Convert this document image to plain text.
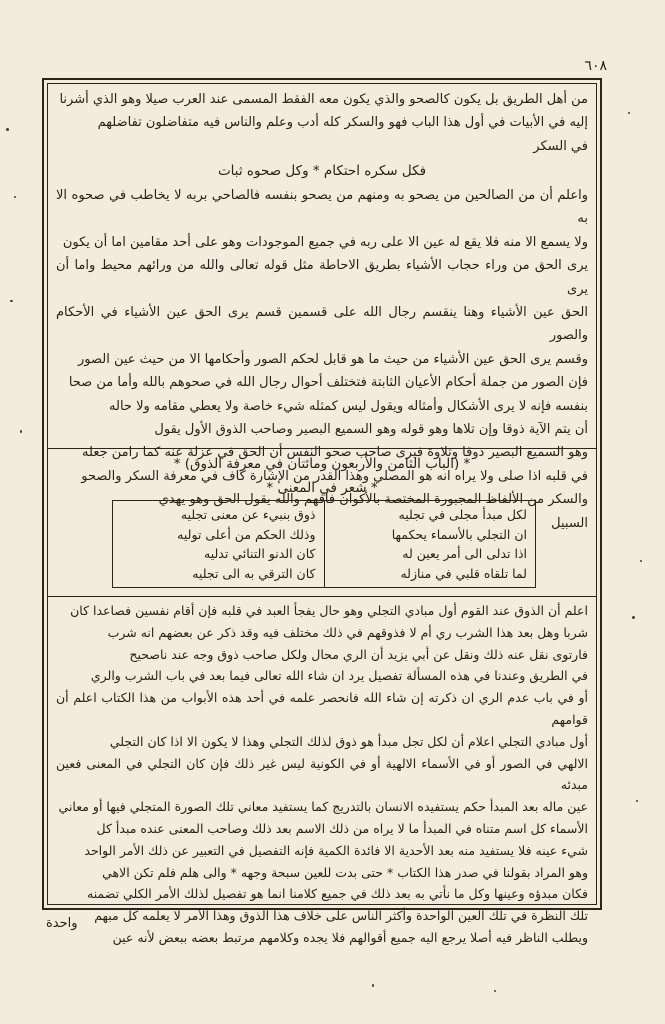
٦٠٨

من أهل الطريق بل يكون كالصحو والذي يكون معه الفقط المسمى عند العرب صيلا وهو الذي أشرنا

إليه في الأبيات في أول هذا الباب فهو والسكر كله أدب وعلم والناس فيه متفاضلون تفاضلهم

في السكر

فكل سكره احتكام * وكل صحوه ثبات

واعلم أن من الصالحين من يصحو به ومنهم من يصحو بنفسه فالصاحي بربه لا يخاطب في صحوه الا به

ولا يسمع الا منه فلا يقع له عين الا على ربه في جميع الموجودات وهو على أحد مقامين اما أن يكون

يرى الحق من وراء حجاب الأشياء بطريق الاحاطة مثل قوله تعالى والله من ورائهم محيط واما أن يرى

الحق عين الأشياء وهنا ينقسم رجال الله على قسمين قسم يرى الحق عين الأشياء في الأحكام والصور

وقسم يرى الحق عين الأشياء من حيث ما هو قابل لحكم الصور وأحكامها الا من حيث عين الصور

فإن الصور من جملة أحكام الأعيان الثابتة فتختلف أحوال رجال الله في صحوهم بالله وأما من صحا

بنفسه فإنه لا يرى الأشكال وأمثاله ويقول ليس كمثله شيء خاصة ولا يعطي مقامه ولا حاله

أن يتم الآية ذوقا وإن تلاها وهو قوله وهو السميع البصير وصاحب الذوق الأول يقول

وهو السميع البصير ذوقا وتلاوة فيرى صاحب صحو النفس أن الحق في عزلة عنه كما رامن جعله

في قلبه اذا صلى ولا يراه انه هو المصلي وهذا القدر من الإشارة كاف في معرفة السكر والصحو

والسكر من الألفاظ المجبورة المختصة بالأكوان فافهم والله يقول الحق وهو يهدي

السبيل

* (الباب الثامن والأربعون ومائتان في معرفة الذوق) *
* شعر في المعنى *
لكل مبدأ مجلى في تجليه
ان التجلي بالأسماء يحكمها
اذا تدلى الى أمر يعين له
لما تلقاه قلبي في منازله
ذوق بنبيء عن معنى تجليه
وذلك الحكم من أعلى توليه
كان الدنو التنائي تدليه
كان الترقي به الى تجليه

اعلم أن الذوق عند القوم أول مبادي التجلي وهو حال يفجأ العبد في قلبه فإن أقام نفسين فصاعدا كان

شربا وهل بعد هذا الشرب ري أم لا فذوقهم في ذلك مختلف فيه وقد ذكر عن بعضهم انه شرب

فارتوى نقل عنه ذلك ونقل عن أبي يزيد أن الري محال ولكل صاحب ذوق وجه عند ناصحيح

في الطريق وعندنا في هذه المسألة تفصيل يرد ان شاء الله تعالى فيما بعد في باب الشرب والري

أو في باب عدم الري ان ذكرته إن شاء الله فانحصر علمه في أحد هذه الأبواب من هذا الكتاب اعلم أن قوامهم

أول مبادي التجلي اعلام أن لكل تجل مبدأ هو ذوق لذلك التجلي وهذا لا يكون الا اذا كان التجلي

الالهي في الصور أو في الأسماء الالهية أو في الكونية ليس غير ذلك فإن كان التجلي في المعنى فعين مبدئه

عين ماله بعد المبدأ حكم يستفيده الانسان بالتدريج كما يستفيد معاني تلك الصورة المتجلي فيها أو معاني

الأسماء كل اسم متناه في المبدأ ما لا يراه من ذلك الاسم بعد ذلك وصاحب المعنى عنده مبدأ كل

شيء عينه فلا يستفيد منه بعد الأحدية الا فائدة الكمية فإنه التفصيل في التعبير عن ذلك الأمر الواحد

وهو المراد بقولنا في صدر هذا الكتاب * حتى بدت للعين سبحة وجهه * والى هلم فلم تكن الاهي

فكان مبدؤه وعينها وكل ما نأتي به بعد ذلك في جميع كلامنا انما هو تفصيل لذلك الأمر الكلي تضمنه

تلك النظرة في تلك العين الواحدة وأكثر الناس على خلاف هذا الذوق وهذا الأمر لا يعلمه كل مبهم

ويطلب الناظر فيه أصلا يرجع اليه جميع أقوالهم فلا يجده وكلامهم مرتبط بعضه ببعض لأنه عين

واحدة
